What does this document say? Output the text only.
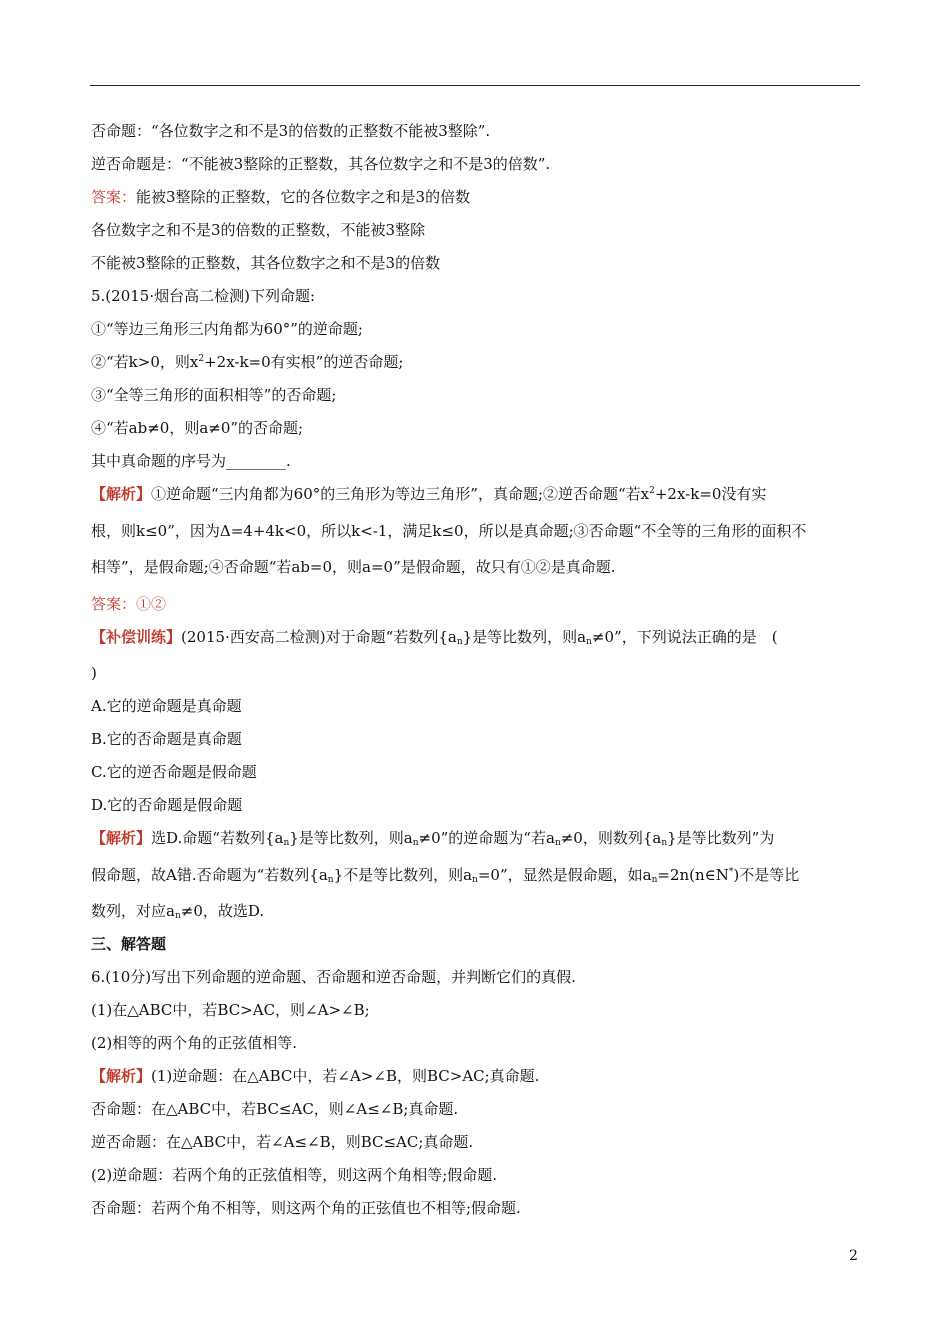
否命题：“各位数字之和不是3的倍数的正整数不能被3整除”.
逆否命题是：“不能被3整除的正整数，其各位数字之和不是3的倍数”.
答案：能被3整除的正整数，它的各位数字之和是3的倍数
各位数字之和不是3的倍数的正整数，不能被3整除
不能被3整除的正整数，其各位数字之和不是3的倍数
5.(2015·烟台高二检测)下列命题:
①“等边三角形三内角都为60°”的逆命题;
②“若k>0，则$x^2+2x-k=0$有实根”的逆否命题;
③“全等三角形的面积相等”的否命题;
④“若ab≠0，则a≠0”的否命题;
其中真命题的序号为________.
【解析】①逆命题“三内角都为60°的三角形为等边三角形”，真命题;②逆否命题“若$x^2+2x-k=0$没有实
根，则k≤0”，因为Δ=4+4k<0，所以k<-1，满足k≤0，所以是真命题;③否命题“不全等的三角形的面积不
相等”，是假命题;④否命题“若ab=0，则a=0”是假命题，故只有①②是真命题.
答案：①②
【补偿训练】(2015·西安高二检测)对于命题“若数列$\{a_n\}$是等比数列，则$a_n\ne 0$”，下列说法正确的是　(
)
A.它的逆命题是真命题
B.它的否命题是真命题
C.它的逆否命题是假命题
D.它的否命题是假命题
【解析】选D.命题“若数列$\{a_n\}$是等比数列，则$a_n\ne 0$”的逆命题为“若$a_n\ne 0$，则数列$\{a_n\}$是等比数列”为
假命题，故A错.否命题为“若数列$\{a_n\}$不是等比数列，则$a_n=0$”，显然是假命题，如$a_n=2n(n\in N^*)$不是等比
数列，对应$a_n\ne 0$，故选D.
三、解答题
6.(10分)写出下列命题的逆命题、否命题和逆否命题，并判断它们的真假.
(1)在△ABC中，若BC>AC，则∠A>∠B;
(2)相等的两个角的正弦值相等.
【解析】(1)逆命题：在△ABC中，若∠A>∠B，则BC>AC;真命题.
否命题：在△ABC中，若BC≤AC，则∠A≤∠B;真命题.
逆否命题：在△ABC中，若∠A≤∠B，则BC≤AC;真命题.
(2)逆命题：若两个角的正弦值相等，则这两个角相等;假命题.
否命题：若两个角不相等，则这两个角的正弦值也不相等;假命题.
2
